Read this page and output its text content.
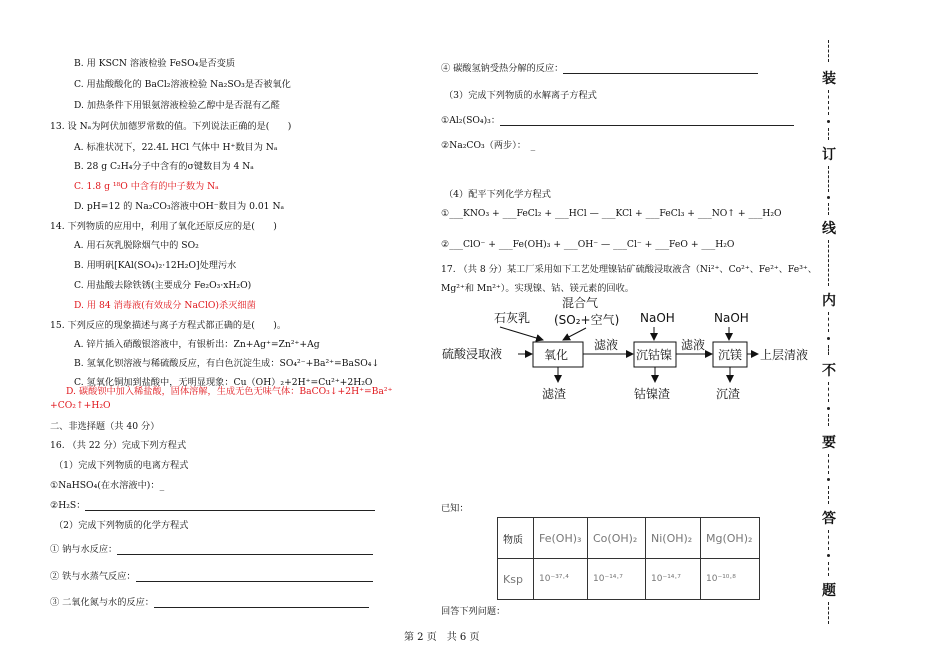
B. 用 KSCN 溶液检验 FeSO₄是否变质
C. 用盐酸酸化的 BaCl₂溶液检验 Na₂SO₃是否被氧化
D. 加热条件下用银氨溶液检验乙醇中是否混有乙醛
13. 设 Nₐ为阿伏加德罗常数的值。下列说法正确的是(　　)
A. 标准状况下，22.4L HCl 气体中 H⁺数目为 Nₐ
B. 28 g C₂H₄分子中含有的σ键数目为 4 Nₐ
C. 1.8 g ¹⁸O 中含有的中子数为 Nₐ
D. pH=12 的 Na₂CO₃溶液中OH⁻数目为 0.01 Nₐ
14. 下列物质的应用中，利用了氧化还原反应的是(　　)
A. 用石灰乳脱除烟气中的 SO₂
B. 用明矾[KAl(SO₄)₂·12H₂O]处理污水
C. 用盐酸去除铁锈(主要成分 Fe₂O₃·xH₂O)
D. 用 84 消毒液(有效成分 NaClO)杀灭细菌
15. 下列反应的现象描述与离子方程式都正确的是(　　)。
A. 锌片插入硝酸银溶液中，有银析出：Zn+Ag⁺=Zn²⁺+Ag
B. 氢氧化钡溶液与稀硫酸反应，有白色沉淀生成：SO₄²⁻+Ba²⁺=BaSO₄↓
C. 氢氧化铜加到盐酸中，无明显现象：Cu（OH）₂+2H⁺=Cu²⁺+2H₂O
D. 碳酸钡中加入稀盐酸，固体溶解，生成无色无味气体：BaCO₃↓+2H⁺=Ba²⁺
+CO₂↑+H₂O
二、非选择题（共 40 分）
16. （共 22 分）完成下列方程式
（1）完成下列物质的电离方程式
①NaHSO₄(在水溶液中)：_
②H₂S：
（2）完成下列物质的化学方程式
① 钠与水反应：
② 铁与水蒸气反应：
③ 二氧化氮与水的反应：
④ 碳酸氢钠受热分解的反应：
（3）完成下列物质的水解离子方程式
①Al₂(SO₄)₃：
②Na₂CO₃（两步）：　_
（4）配平下列化学方程式
①___KNO₃ + ___FeCl₂ + ___HCl — ___KCl + ___FeCl₃ + ___NO↑ + ___H₂O
②___ClO⁻ + ___Fe(OH)₃ + ___OH⁻ — ___Cl⁻ + ___FeO + ___H₂O
17. （共 8 分）某工厂采用如下工艺处理镍钴矿硫酸浸取液含（Ni²⁺、Co²⁺、Fe²⁺、Fe³⁺、
Mg²⁺和 Mn²⁺）。实现镍、钴、镁元素的回收。
石灰乳
混合气
(SO₂+空气) NaOH	NaOH
硫酸浸取液	氧化
滤液
沉钴镍
滤液
沉镁 上层清液
滤渣	钴镍渣	沉渣
已知：
物质	Fe(OH)₃	Co(OH)₂	Ni(OH)₂	Mg(OH)₂
Ksp	10⁻³⁷·⁴	10⁻¹⁴·⁷	10⁻¹⁴·⁷	10⁻¹⁰·⁸
回答下列问题：
装
订
线
内
不
要
答
题
第 2 页　共 6 页
